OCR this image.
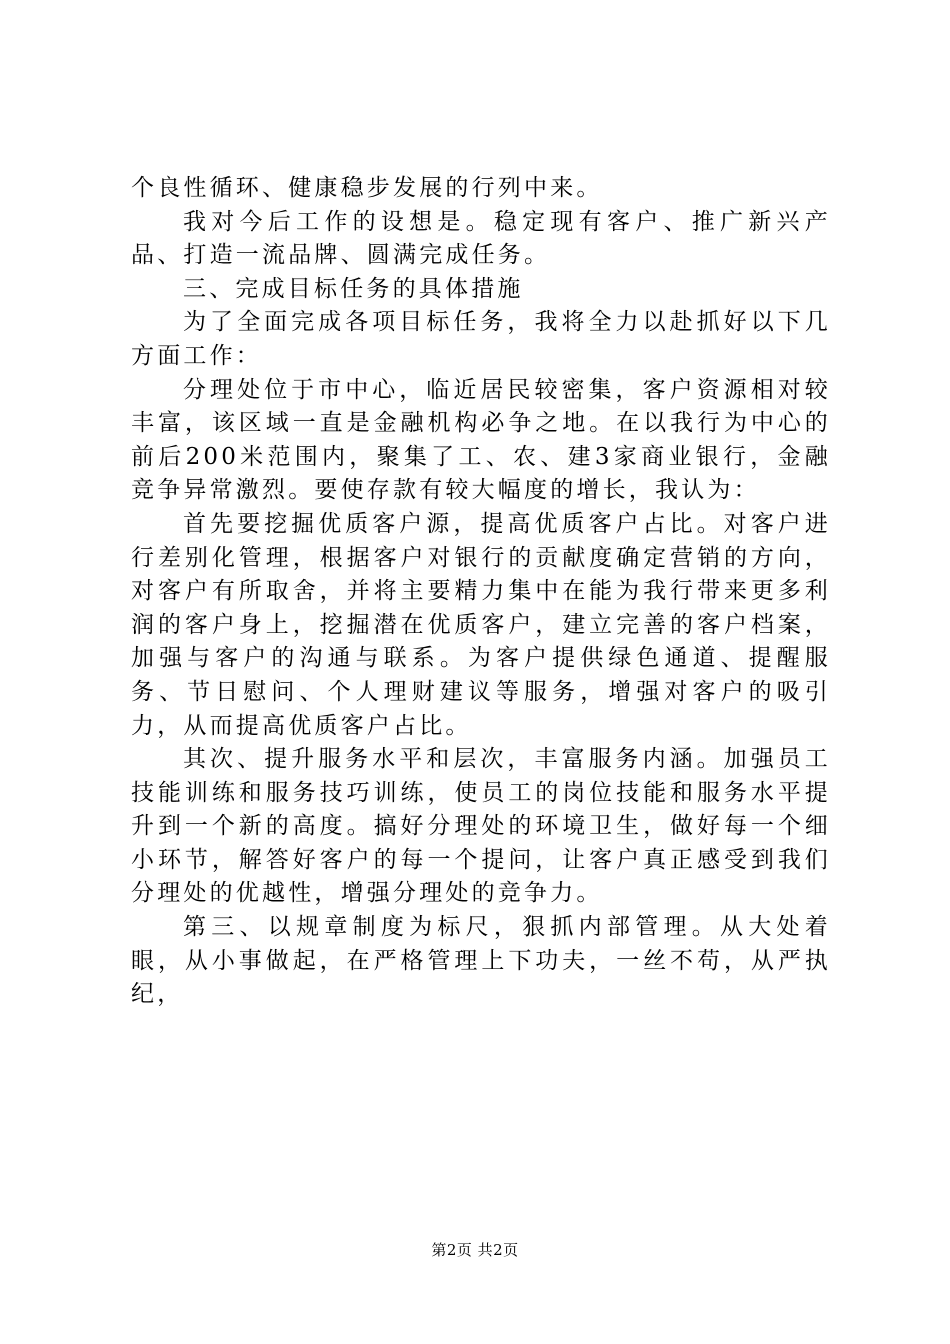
个良性循环、健康稳步发展的行列中来。

我对今后工作的设想是。稳定现有客户、推广新兴产品、打造一流品牌、圆满完成任务。

三、完成目标任务的具体措施

为了全面完成各项目标任务，我将全力以赴抓好以下几方面工作：

分理处位于市中心，临近居民较密集，客户资源相对较丰富，该区域一直是金融机构必争之地。在以我行为中心的前后200米范围内，聚集了工、农、建3家商业银行，金融竞争异常激烈。要使存款有较大幅度的增长，我认为：

首先要挖掘优质客户源，提高优质客户占比。对客户进行差别化管理，根据客户对银行的贡献度确定营销的方向，对客户有所取舍，并将主要精力集中在能为我行带来更多利润的客户身上，挖掘潜在优质客户，建立完善的客户档案，加强与客户的沟通与联系。为客户提供绿色通道、提醒服务、节日慰问、个人理财建议等服务，增强对客户的吸引力，从而提高优质客户占比。

其次、提升服务水平和层次，丰富服务内涵。加强员工技能训练和服务技巧训练，使员工的岗位技能和服务水平提升到一个新的高度。搞好分理处的环境卫生，做好每一个细小环节，解答好客户的每一个提问，让客户真正感受到我们分理处的优越性，增强分理处的竞争力。

第三、以规章制度为标尺，狠抓内部管理。从大处着眼，从小事做起，在严格管理上下功夫，一丝不苟，从严执纪，

第2页 共2页
